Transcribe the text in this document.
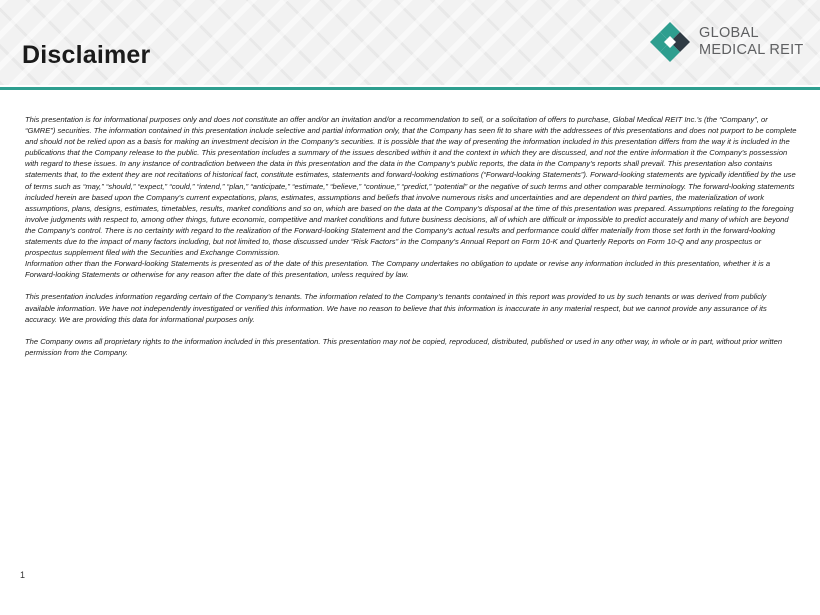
Disclaimer
GLOBAL
MEDICAL REIT

This presentation is for informational purposes only and does not constitute an offer and/or an invitation and/or a recommendation to sell, or a solicitation of offers to purchase, Global Medical REIT Inc.’s (the “Company”, or “GMRE”) securities. The information contained in this presentation include selective and partial information only, that the Company has seen fit to share with the addressees of this presentations and does not purport to be complete and should not be relied upon as a basis for making an investment decision in the Company’s securities. It is possible that the way of presenting the information included in this presentation differs from the way it is included in the publications that the Company release to the public. This presentation includes a summary of the issues described within it and the context in which they are discussed, and not the entire information it the Company’s possession with regard to these issues. In any instance of contradiction between the data in this presentation and the data in the Company’s public reports, the data in the Company’s reports shall prevail. This presentation also contains statements that, to the extent they are not recitations of historical fact, constitute estimates, statements and forward-looking estimations (“Forward-looking Statements”). Forward-looking statements are typically identified by the use of terms such as “may,” “should,” “expect,” “could,” “intend,” “plan,” “anticipate,” “estimate,” “believe,” “continue,” “predict,” “potential” or the negative of such terms and other comparable terminology. The forward-looking statements included herein are based upon the Company’s current expectations, plans, estimates, assumptions and beliefs that involve numerous risks and uncertainties and are dependent on third parties, the materialization of work assumptions, plans, designs, estimates, timetables, results, market conditions and so on, which are based on the data at the Company’s disposal at the time of this presentation was prepared. Assumptions relating to the foregoing involve judgments with respect to, among other things, future economic, competitive and market conditions and future business decisions, all of which are difficult or impossible to predict accurately and many of which are beyond the Company’s control. There is no certainty with regard to the realization of the Forward-looking Statement and the Company’s actual results and performance could differ materially from those set forth in the forward-looking statements due to the impact of many factors including, but not limited to, those discussed under “Risk Factors” in the Company’s Annual Report on Form 10-K and Quarterly Reports on Form 10-Q and any prospectus or prospectus supplement filed with the Securities and Exchange Commission.

Information other than the Forward-looking Statements is presented as of the date of this presentation. The Company undertakes no obligation to update or revise any information included in this presentation, whether it is a Forward-looking Statements or otherwise for any reason after the date of this presentation, unless required by law.

This presentation includes information regarding certain of the Company’s tenants. The information related to the Company’s tenants contained in this report was provided to us by such tenants or was derived from publicly available information. We have not independently investigated or verified this information. We have no reason to believe that this information is inaccurate in any material respect, but we cannot provide any assurance of its accuracy. We are providing this data for informational purposes only.

The Company owns all proprietary rights to the information included in this presentation. This presentation may not be copied, reproduced, distributed, published or used in any other way, in whole or in part, without prior written permission from the Company.

1
